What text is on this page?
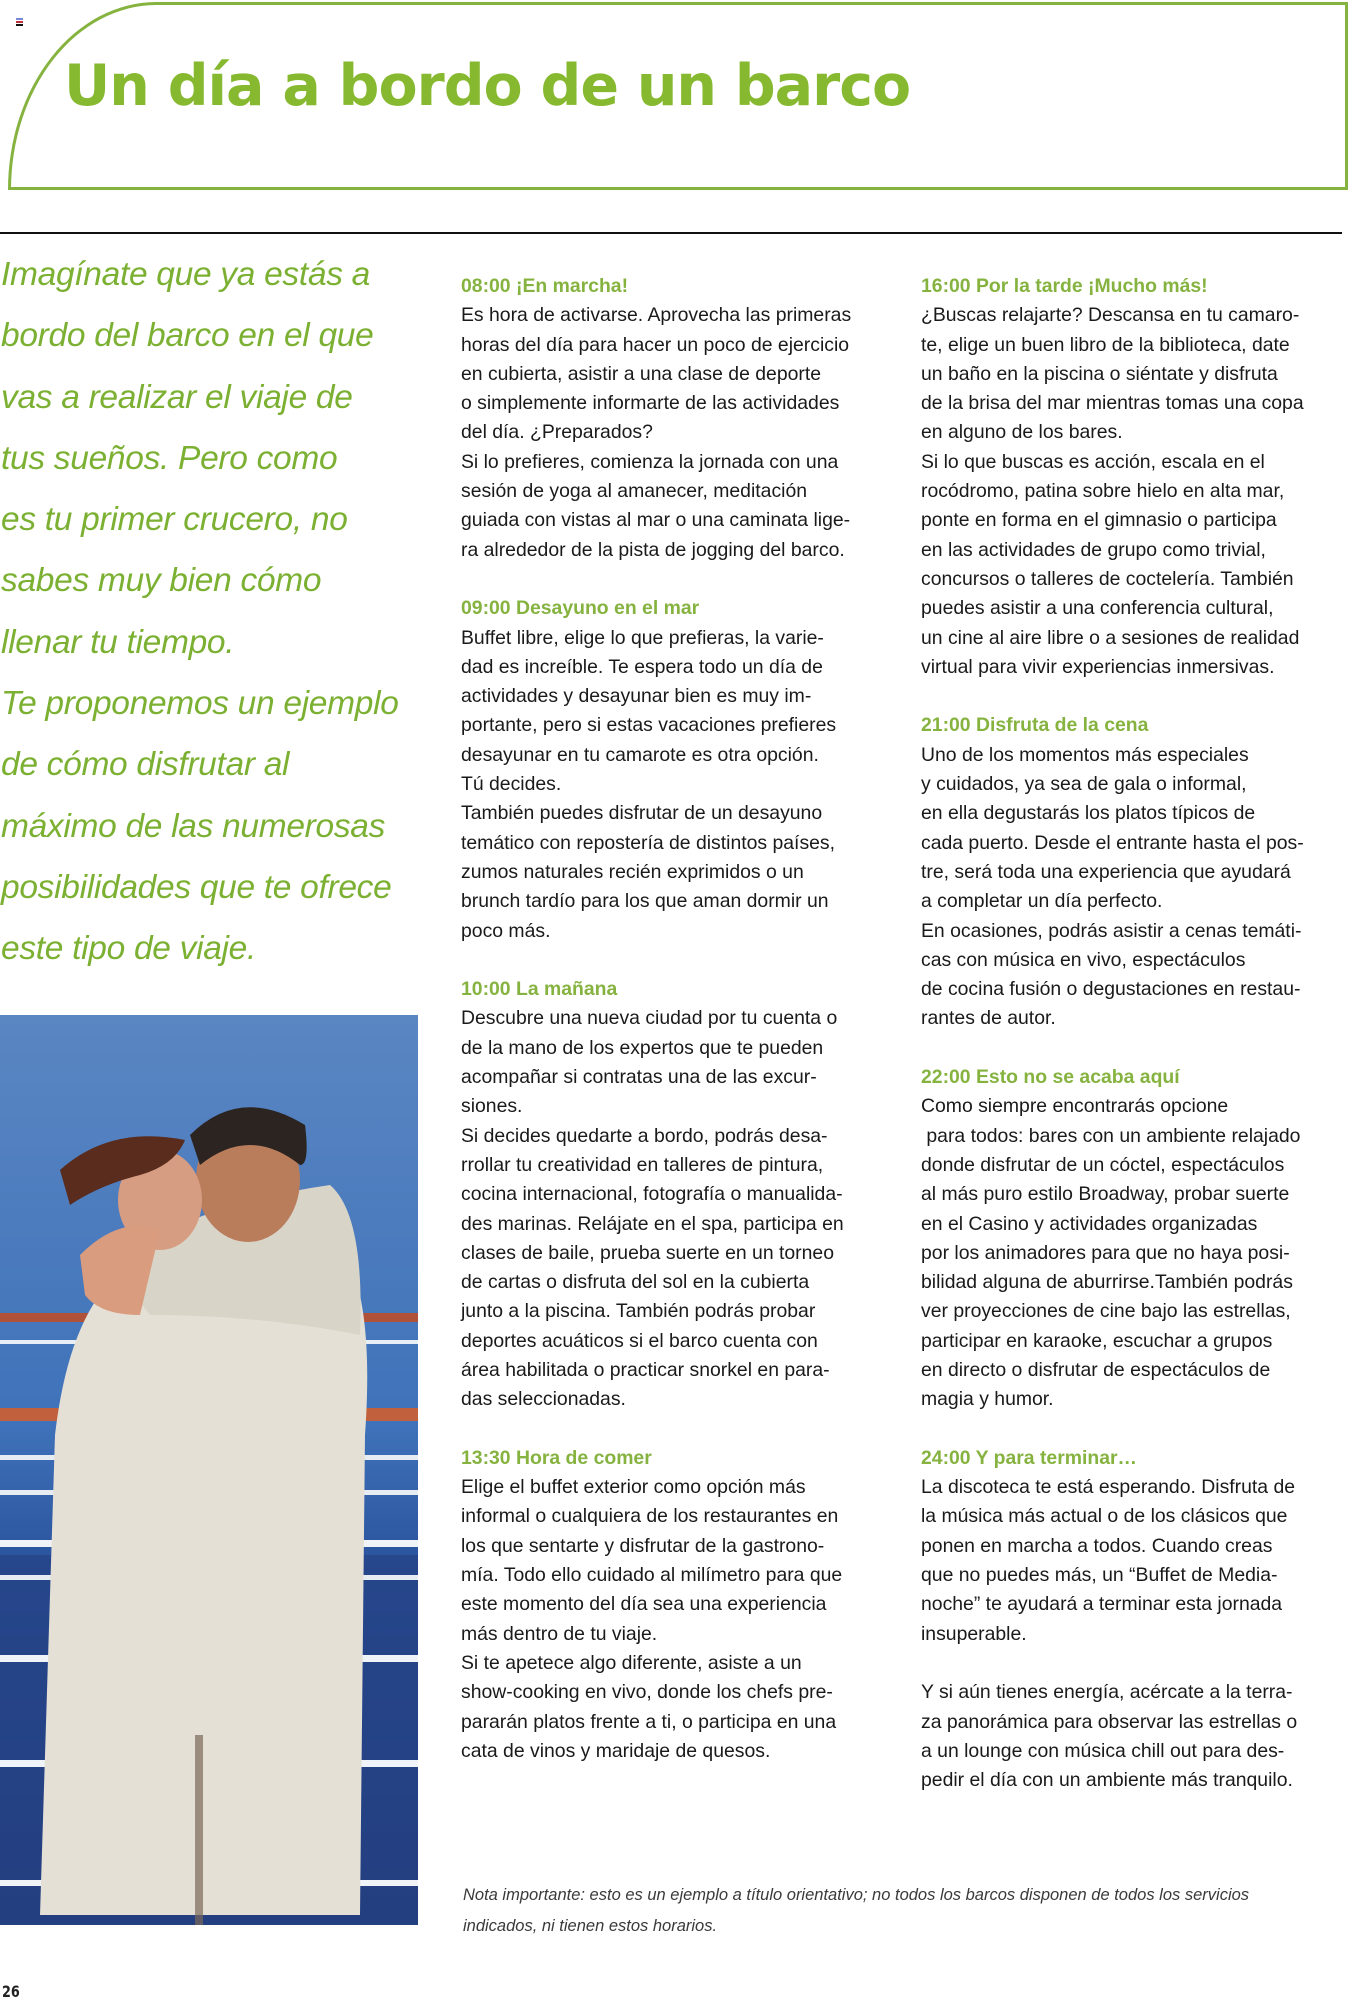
Un día a bordo de un barco

Imagínate que ya estás a
bordo del barco en el que
vas a realizar el viaje de
tus sueños. Pero como
es tu primer crucero, no
sabes muy bien cómo
llenar tu tiempo.
Te proponemos un ejemplo
de cómo disfrutar al
máximo de las numerosas
posibilidades que te ofrece
este tipo de viaje.

08:00 ¡En marcha!
Es hora de activarse. Aprovecha las primeras
horas del día para hacer un poco de ejercicio
en cubierta, asistir a una clase de deporte
o simplemente informarte de las actividades
del día. ¿Preparados?
Si lo prefieres, comienza la jornada con una
sesión de yoga al amanecer, meditación
guiada con vistas al mar o una caminata lige-
ra alrededor de la pista de jogging del barco.
09:00 Desayuno en el mar
Buffet libre, elige lo que prefieras, la varie-
dad es increíble. Te espera todo un día de
actividades y desayunar bien es muy im-
portante, pero si estas vacaciones prefieres
desayunar en tu camarote es otra opción.
Tú decides.
También puedes disfrutar de un desayuno
temático con repostería de distintos países,
zumos naturales recién exprimidos o un
brunch tardío para los que aman dormir un
poco más.
10:00 La mañana
Descubre una nueva ciudad por tu cuenta o
de la mano de los expertos que te pueden
acompañar si contratas una de las excur-
siones.
Si decides quedarte a bordo, podrás desa-
rrollar tu creatividad en talleres de pintura,
cocina internacional, fotografía o manualida-
des marinas. Relájate en el spa, participa en
clases de baile, prueba suerte en un torneo
de cartas o disfruta del sol en la cubierta
junto a la piscina. También podrás probar
deportes acuáticos si el barco cuenta con
área habilitada o practicar snorkel en para-
das seleccionadas.
13:30 Hora de comer
Elige el buffet exterior como opción más
informal o cualquiera de los restaurantes en
los que sentarte y disfrutar de la gastrono-
mía. Todo ello cuidado al milímetro para que
este momento del día sea una experiencia
más dentro de tu viaje.
Si te apetece algo diferente, asiste a un
show-cooking en vivo, donde los chefs pre-
pararán platos frente a ti, o participa en una
cata de vinos y maridaje de quesos.
16:00 Por la tarde ¡Mucho más!
¿Buscas relajarte? Descansa en tu camaro-
te, elige un buen libro de la biblioteca, date
un baño en la piscina o siéntate y disfruta
de la brisa del mar mientras tomas una copa
en alguno de los bares.
Si lo que buscas es acción, escala en el
rocódromo, patina sobre hielo en alta mar,
ponte en forma en el gimnasio o participa
en las actividades de grupo como trivial,
concursos o talleres de coctelería. También
puedes asistir a una conferencia cultural,
un cine al aire libre o a sesiones de realidad
virtual para vivir experiencias inmersivas.
21:00 Disfruta de la cena
Uno de los momentos más especiales
y cuidados, ya sea de gala o informal,
en ella degustarás los platos típicos de
cada puerto. Desde el entrante hasta el pos-
tre, será toda una experiencia que ayudará
a completar un día perfecto.
En ocasiones, podrás asistir a cenas temáti-
cas con música en vivo, espectáculos
de cocina fusión o degustaciones en restau-
rantes de autor.
22:00 Esto no se acaba aquí
Como siempre encontrarás opcione
para todos: bares con un ambiente relajado
donde disfrutar de un cóctel, espectáculos
al más puro estilo Broadway, probar suerte
en el Casino y actividades organizadas
por los animadores para que no haya posi-
bilidad alguna de aburrirse.También podrás
ver proyecciones de cine bajo las estrellas,
participar en karaoke, escuchar a grupos
en directo o disfrutar de espectáculos de
magia y humor.
24:00 Y para terminar…
La discoteca te está esperando. Disfruta de
la música más actual o de los clásicos que
ponen en marcha a todos. Cuando creas
que no puedes más, un “Buffet de Media-
noche” te ayudará a terminar esta jornada
insuperable.

Y si aún tienes energía, acércate a la terra-
za panorámica para observar las estrellas o
a un lounge con música chill out para des-
pedir el día con un ambiente más tranquilo.
Nota importante: esto es un ejemplo a título orientativo; no todos los barcos disponen de todos los servicios
indicados, ni tienen estos horarios.
26
